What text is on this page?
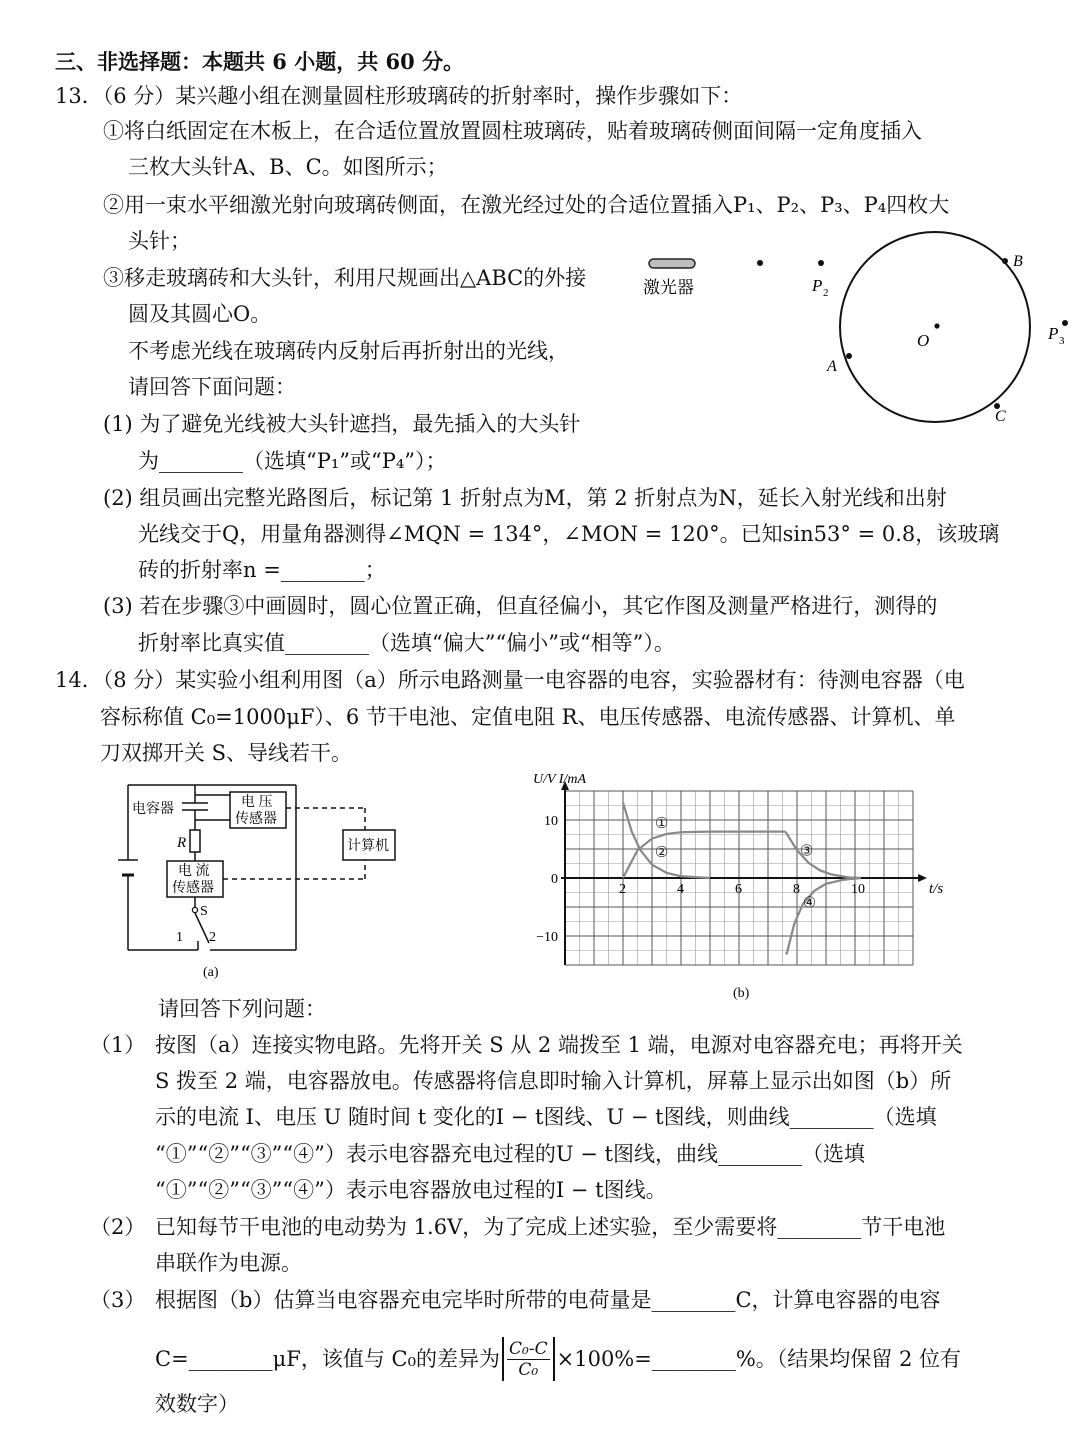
三、非选择题：本题共 6 小题，共 60 分。
13．（6 分）某兴趣小组在测量圆柱形玻璃砖的折射率时，操作步骤如下：
①将白纸固定在木板上，在合适位置放置圆柱玻璃砖，贴着玻璃砖侧面间隔一定角度插入
三枚大头针A、B、C。如图所示；
②用一束水平细激光射向玻璃砖侧面，在激光经过处的合适位置插入P₁、P₂、P₃、P₄四枚大
头针；
③移走玻璃砖和大头针，利用尺规画出△ABC的外接
圆及其圆心O。
不考虑光线在玻璃砖内反射后再折射出的光线，
请回答下面问题：
(1) 为了避免光线被大头针遮挡，最先插入的大头针
为________（选填“P₁”或“P₄”）；
(2) 组员画出完整光路图后，标记第 1 折射点为M，第 2 折射点为N，延长入射光线和出射
光线交于Q，用量角器测得∠MQN = 134°，∠MON = 120°。已知sin53° = 0.8，该玻璃
砖的折射率n =________；
(3) 若在步骤③中画圆时，圆心位置正确，但直径偏小，其它作图及测量严格进行，测得的
折射率比真实值________（选填“偏大”“偏小”或“相等”）。
激光器	P 2
O
B
A
C
P 3
14．（8 分）某实验小组利用图（a）所示电路测量一电容器的电容，实验器材有：待测电容器（电
容标称值 C₀=1000μF）、6 节干电池、定值电阻 R、电压传感器、电流传感器、计算机、单
刀双掷开关 S、导线若干。
电容器	电 压
传感器
计算机
R
电 流
传感器
S
1 2
(a)
U/V I/mA
t/s
2	4	6	8	10
10
0
−10
①
②	③
④
(b)
请回答下列问题：
（1） 按图（a）连接实物电路。先将开关 S 从 2 端拨至 1 端，电源对电容器充电；再将开关
S 拨至 2 端，电容器放电。传感器将信息即时输入计算机，屏幕上显示出如图（b）所
示的电流 I、电压 U 随时间 t 变化的I − t图线、U − t图线，则曲线________（选填
“①”“②”“③”“④”）表示电容器充电过程的U − t图线，曲线________（选填
“①”“②”“③”“④”）表示电容器放电过程的I − t图线。
（2） 已知每节干电池的电动势为 1.6V，为了完成上述实验，至少需要将________节干电池
串联作为电源。
（3） 根据图（b）估算当电容器充电完毕时所带的电荷量是________C，计算电容器的电容
C=________μF，该值与 C₀的差异为 $\frac{\text{C₀-C}}{\text{C₀}}$ ×100%=________%。（结果均保留 2 位有
效数字）
